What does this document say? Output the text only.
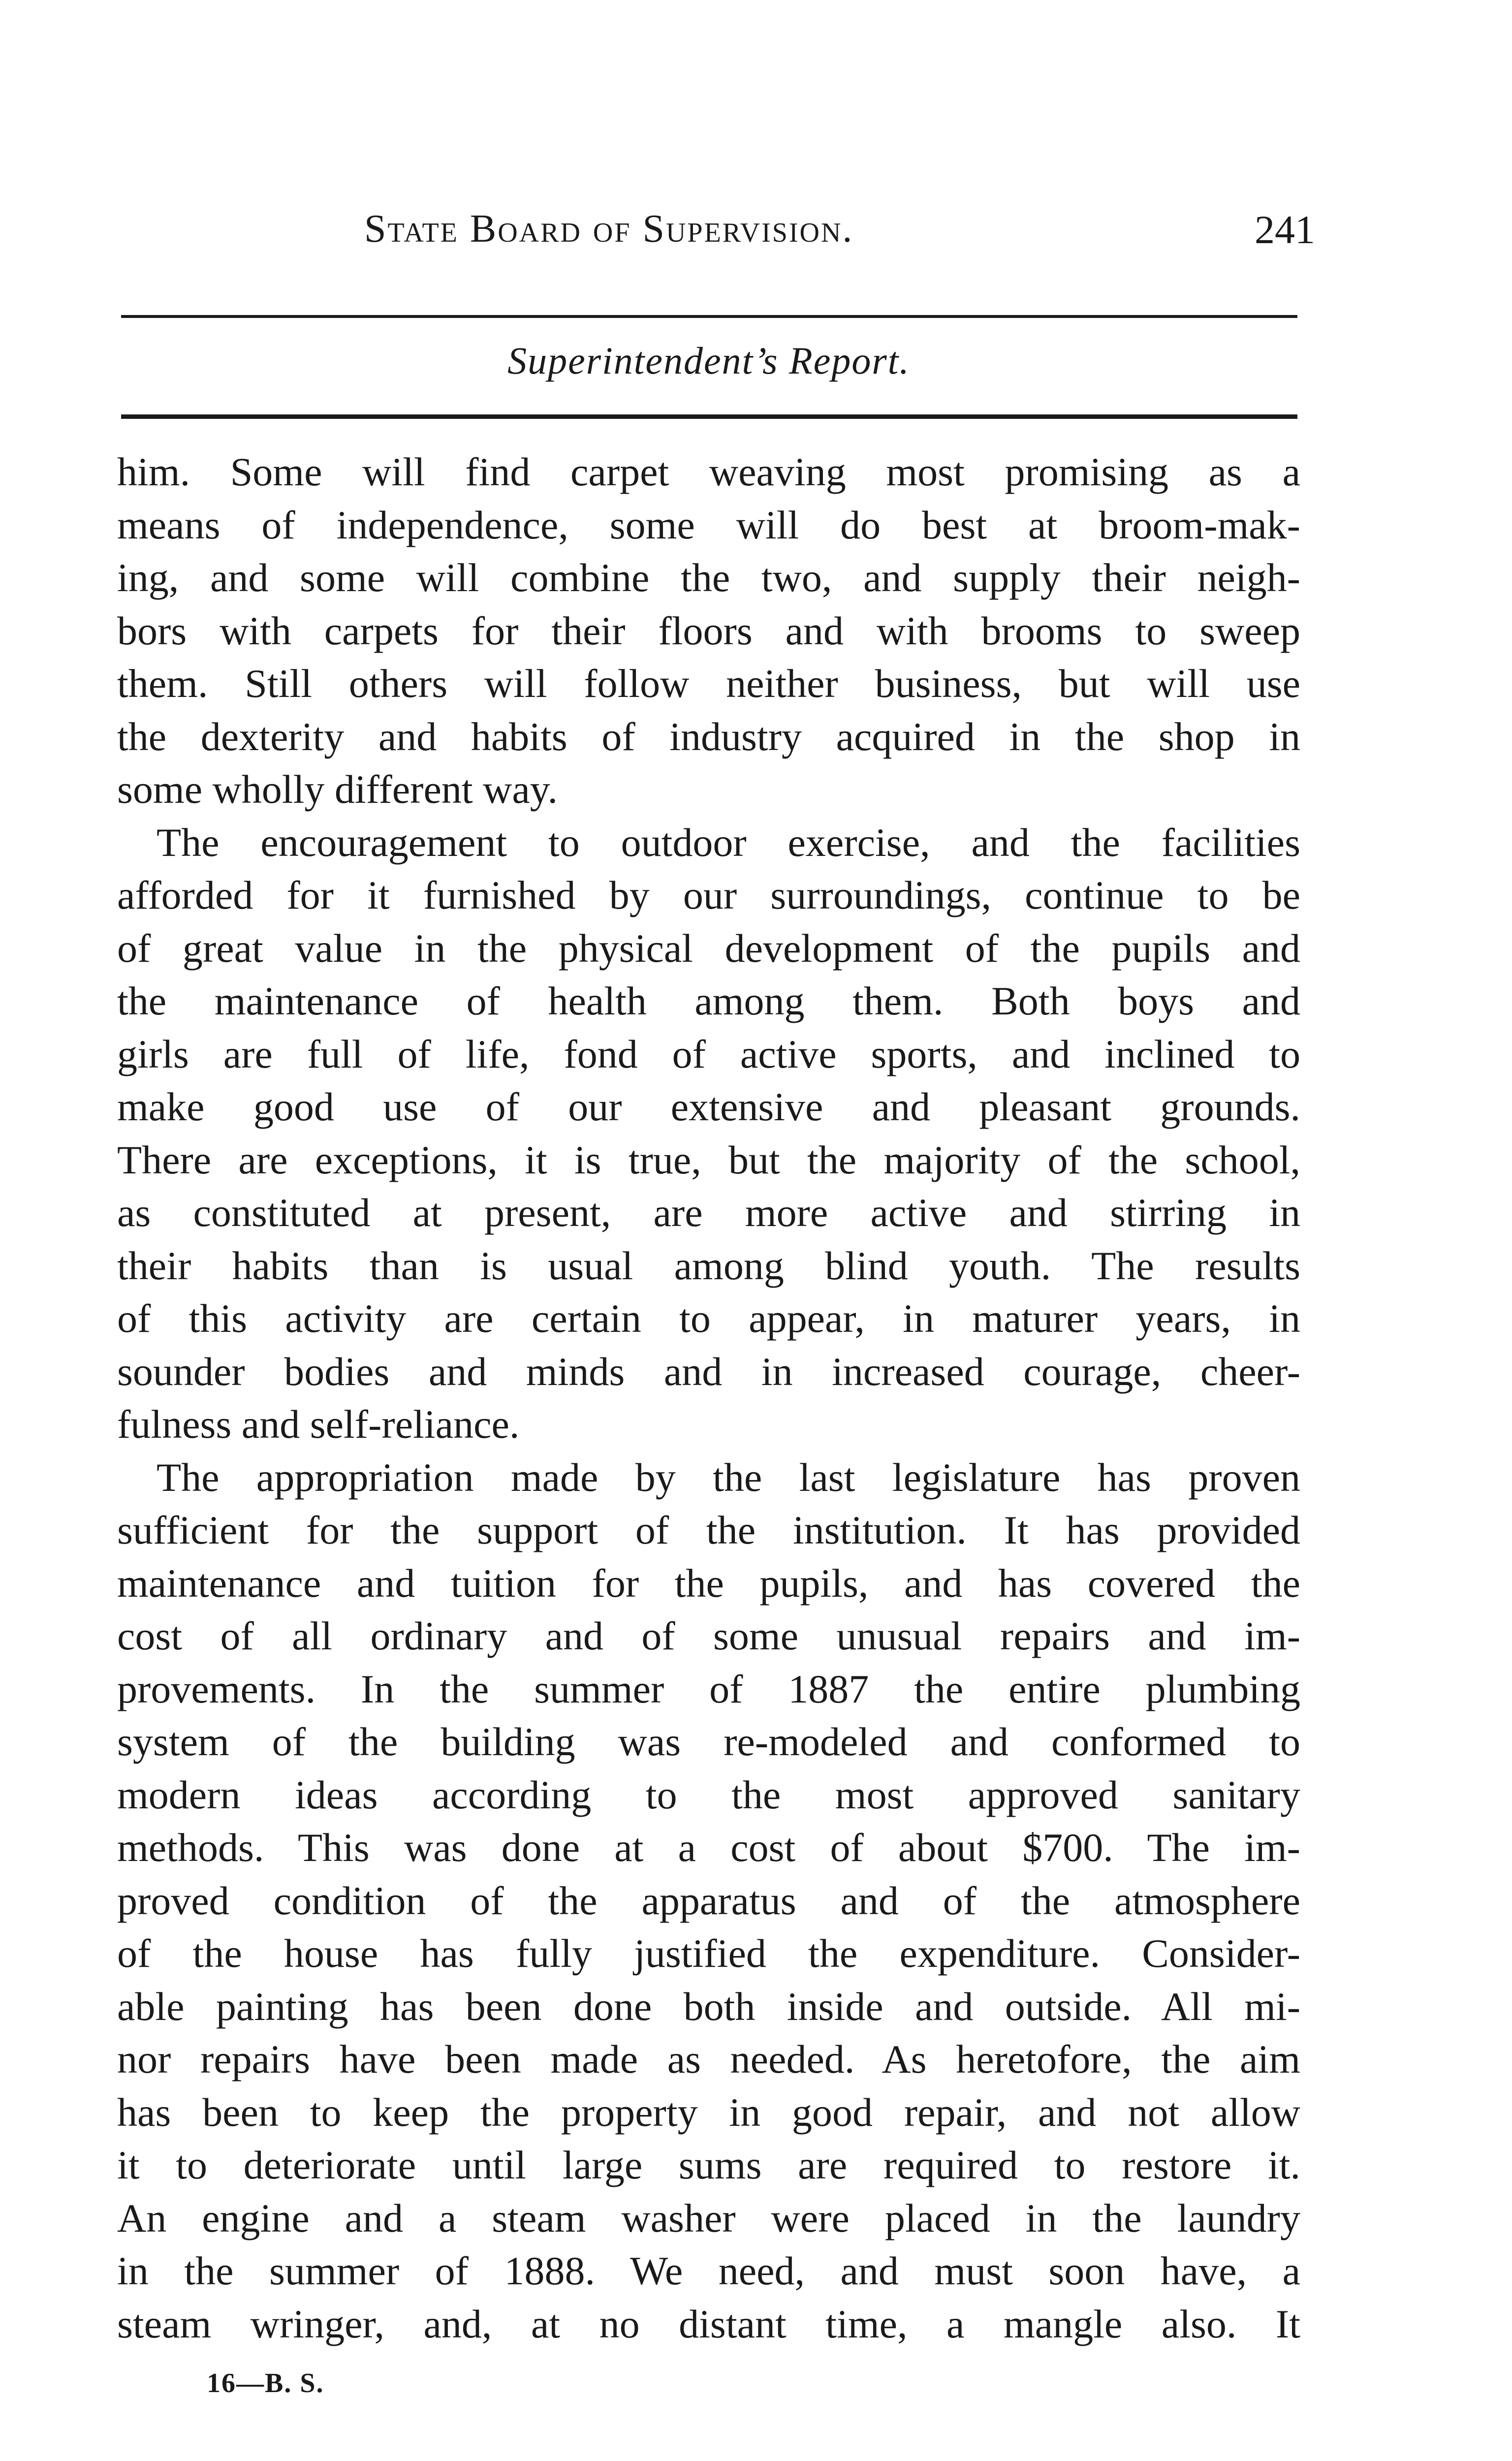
State Board of Supervision.	241
Superintendent’s Report.
him. Some will find carpet weaving most promising as a
means of independence, some will do best at broom-mak-
ing, and some will combine the two, and supply their neigh-
bors with carpets for their floors and with brooms to sweep
them. Still others will follow neither business, but will use
the dexterity and habits of industry acquired in the shop in
some wholly different way.
The encouragement to outdoor exercise, and the facilities
afforded for it furnished by our surroundings, continue to be
of great value in the physical development of the pupils and
the maintenance of health among them. Both boys and
girls are full of life, fond of active sports, and inclined to
make good use of our extensive and pleasant grounds.
There are exceptions, it is true, but the majority of the school,
as constituted at present, are more active and stirring in
their habits than is usual among blind youth. The results
of this activity are certain to appear, in maturer years, in
sounder bodies and minds and in increased courage, cheer-
fulness and self-reliance.
The appropriation made by the last legislature has proven
sufficient for the support of the institution. It has provided
maintenance and tuition for the pupils, and has covered the
cost of all ordinary and of some unusual repairs and im-
provements. In the summer of 1887 the entire plumbing
system of the building was re-modeled and conformed to
modern ideas according to the most approved sanitary
methods. This was done at a cost of about $700. The im-
proved condition of the apparatus and of the atmosphere
of the house has fully justified the expenditure. Consider-
able painting has been done both inside and outside. All mi-
nor repairs have been made as needed. As heretofore, the aim
has been to keep the property in good repair, and not allow
it to deteriorate until large sums are required to restore it.
An engine and a steam washer were placed in the laundry
in the summer of 1888. We need, and must soon have, a
steam wringer, and, at no distant time, a mangle also. It
16—B. S.
